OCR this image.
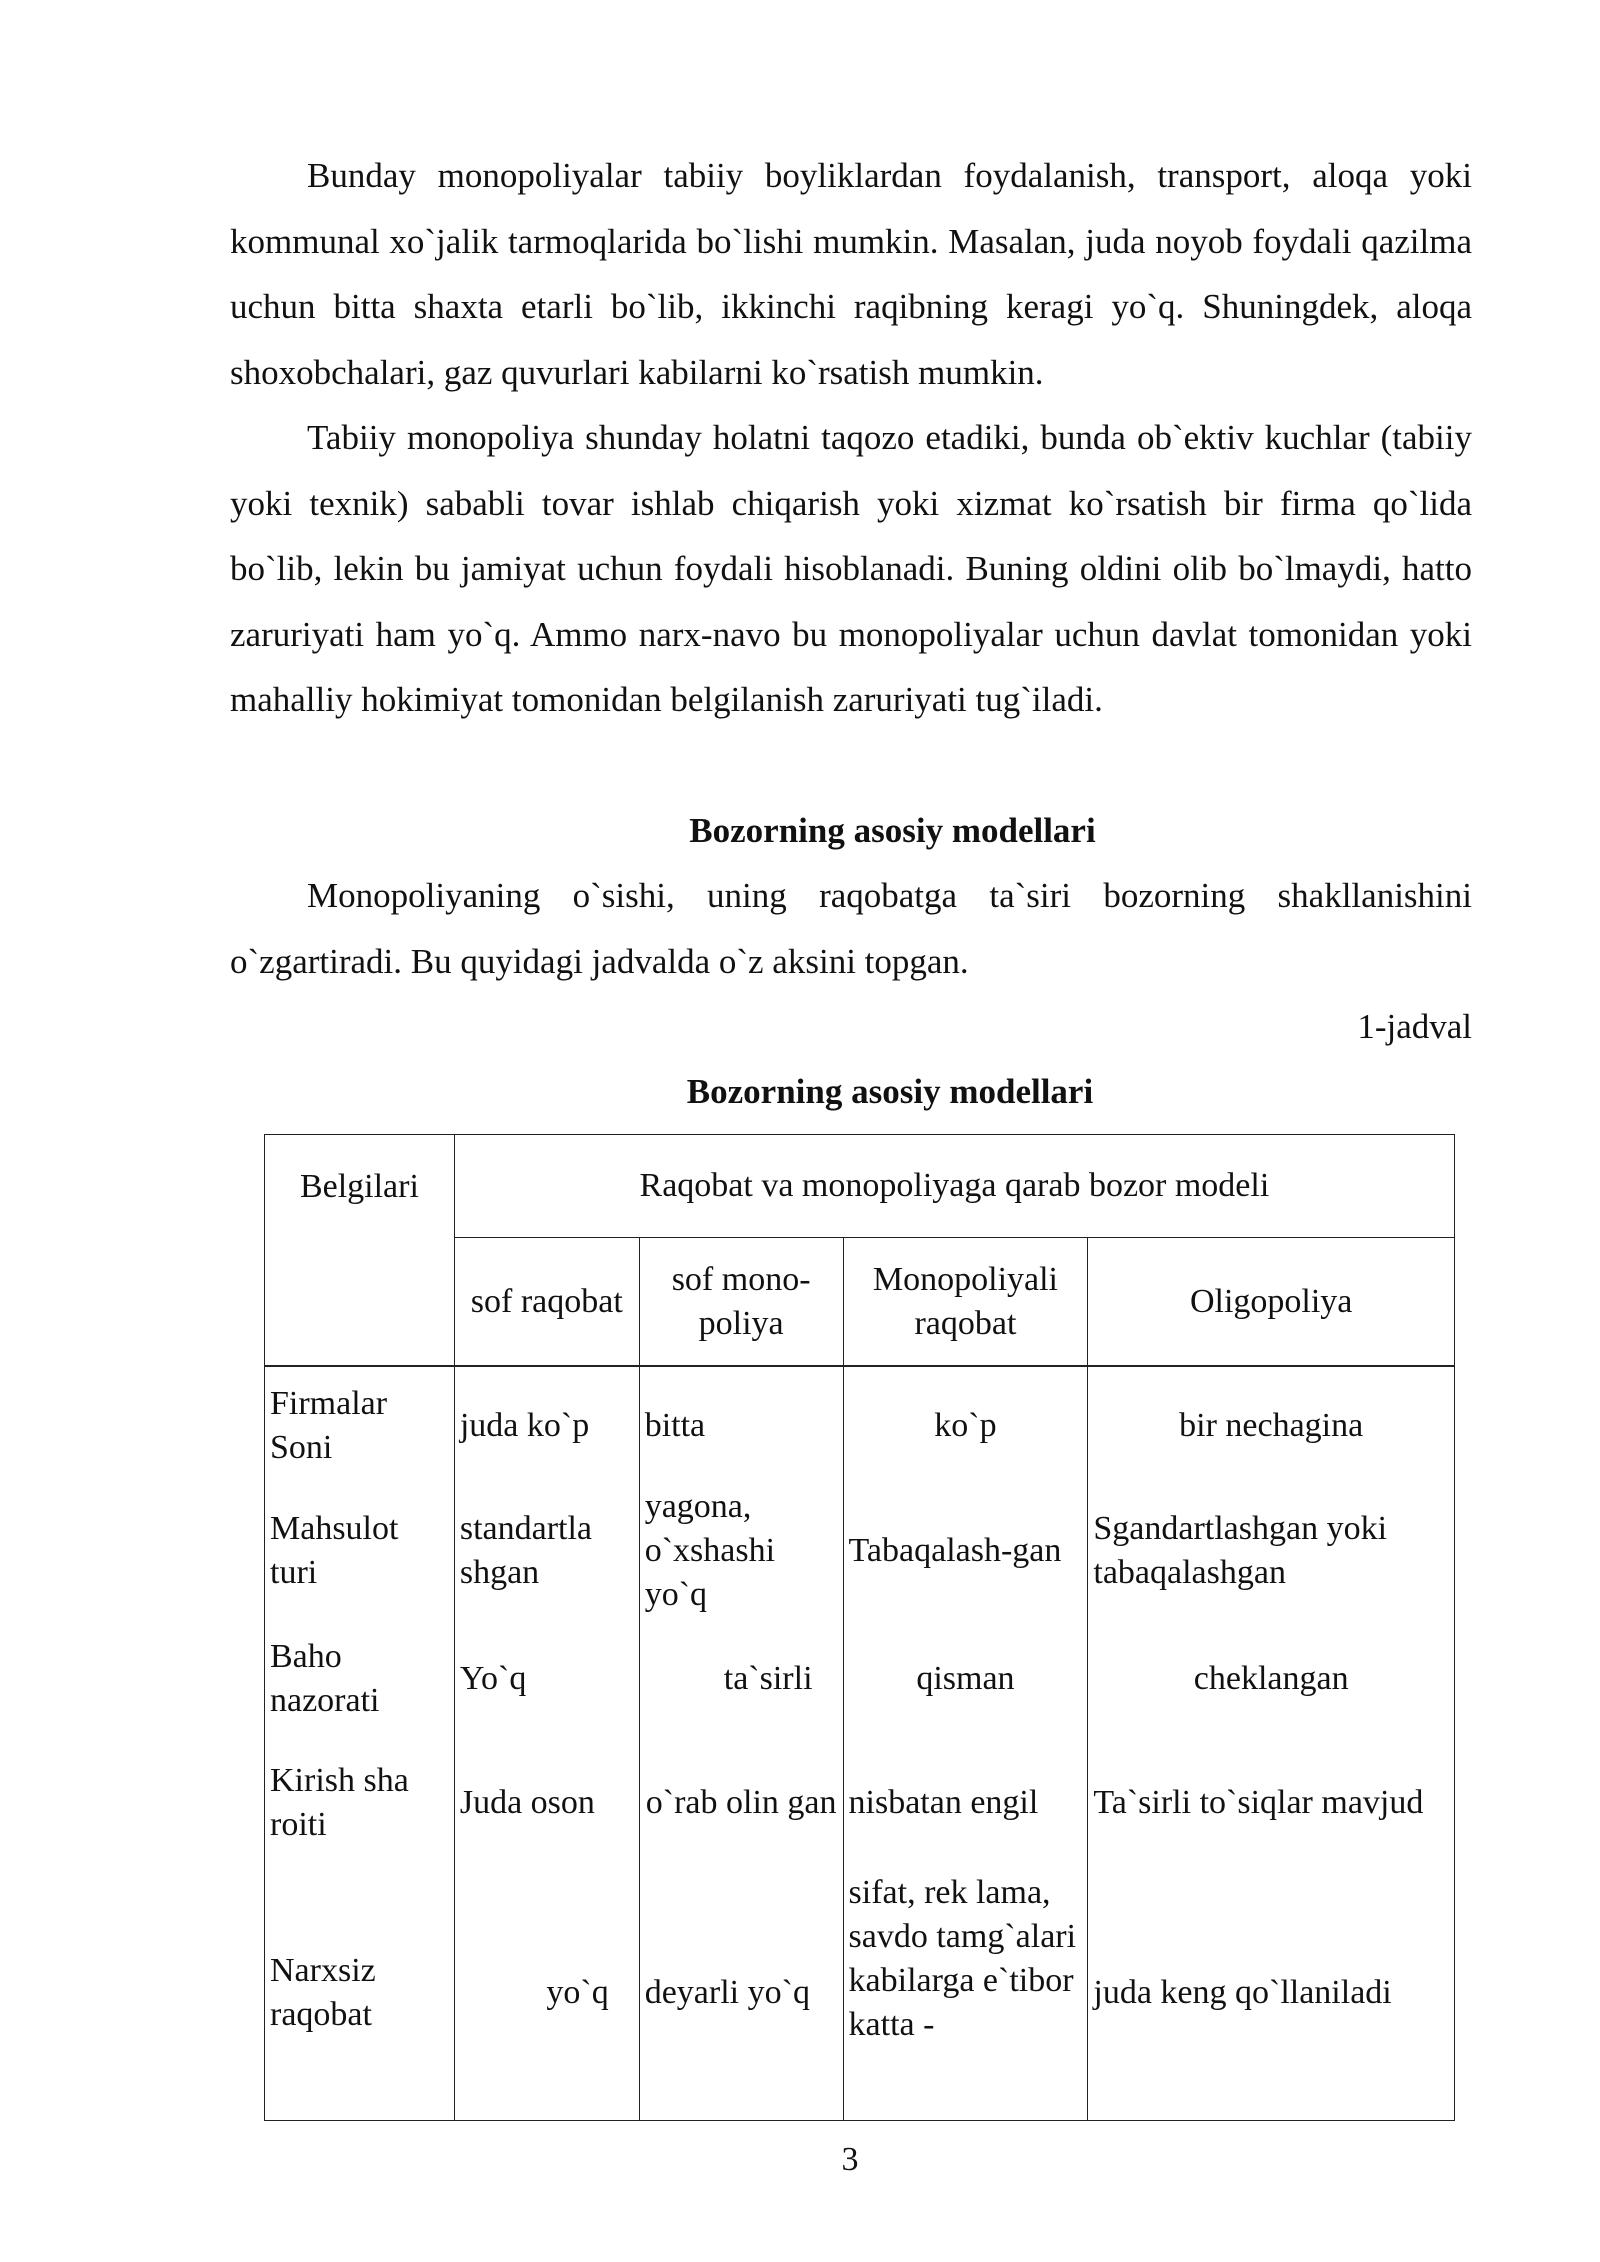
Bunday monopoliyalar tabiiy boyliklardan foydalanish, transport, aloqa yoki kommunal xo`jalik tarmoqlarida bo`lishi mumkin. Masalan, juda noyob foydali qazilma uchun bitta shaxta etarli bo`lib, ikkinchi raqibning keragi yo`q. Shuningdek, aloqa shoxobchalari, gaz quvurlari kabilarni ko`rsatish mumkin.

Tabiiy monopoliya shunday holatni taqozo etadiki, bunda ob`ektiv kuchlar (tabiiy yoki texnik) sababli tovar ishlab chiqarish yoki xizmat ko`rsatish bir firma qo`lida bo`lib, lekin bu jamiyat uchun foydali hisoblanadi. Buning oldini olib bo`lmaydi, hatto zaruriyati ham yo`q. Ammo narx-navo bu monopoliyalar uchun davlat tomonidan yoki mahalliy hokimiyat tomonidan belgilanish zaruriyati tug`iladi.

Bozorning asosiy modellari

Monopoliyaning o`sishi, uning raqobatga ta`siri bozorning shakllanishini o`zgartiradi. Bu quyidagi jadvalda o`z aksini topgan.

1-jadval
Bozorning asosiy modellari
Belgilari	Raqobat va monopoliyaga qarab bozor modeli			
	sof raqobat	sof mono-poliya	Monopoliyali raqobat	Oligopoliya
Firmalar Soni	juda ko`p	bitta	ko`p	bir nechagina
Mahsulot turi	standartla shgan	yagona, o`xshashi yo`q	Tabaqalash-gan	Sgandartlashgan yoki tabaqalashgan
Baho nazorati	Yo`q	ta`sirli	qisman	cheklangan
Kirish sha roiti	Juda oson	o`rab olin gan	nisbatan engil	Ta`sirli to`siqlar mavjud
Narxsiz raqobat	yo`q	deyarli yo`q	sifat, rek lama, savdo tamg`alari kabilarga e`tibor katta -	juda keng qo`llaniladi
3
